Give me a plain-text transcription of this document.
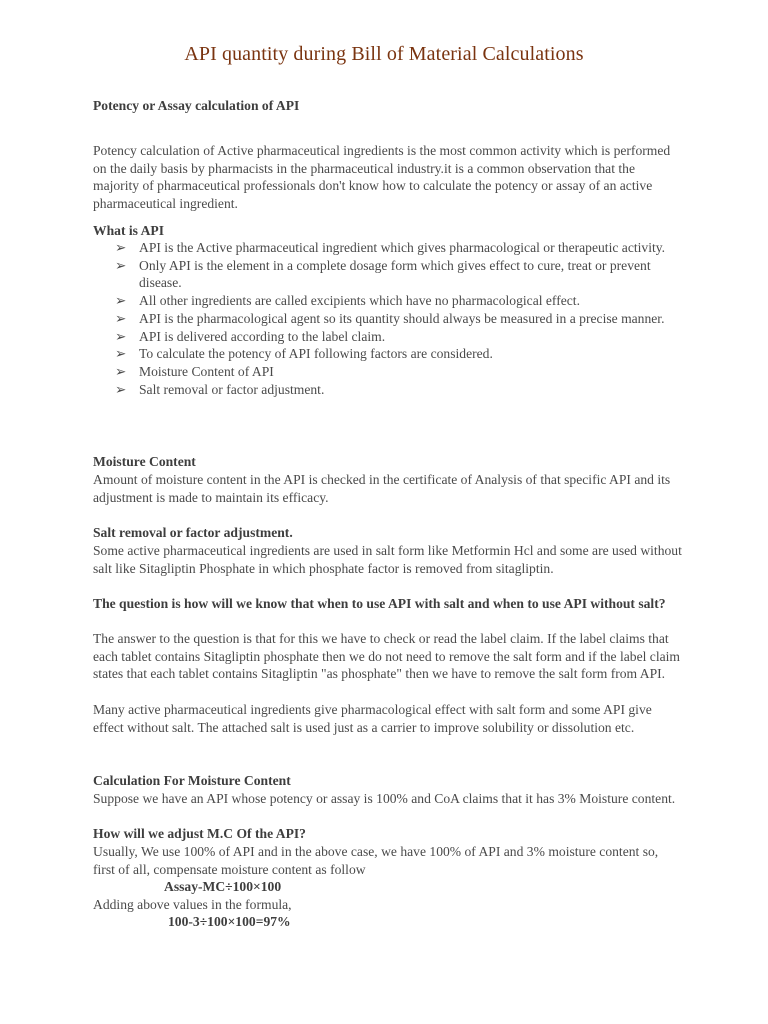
API quantity during Bill of Material Calculations
Potency or Assay calculation of API
Potency calculation of Active pharmaceutical ingredients is the most common activity which is performed on the daily basis by pharmacists in the pharmaceutical industry.it is a common observation that the majority of pharmaceutical professionals don't know how to calculate the potency or assay of an active pharmaceutical ingredient.
What is API
➢ API is the Active pharmaceutical ingredient which gives pharmacological or therapeutic activity.
➢ Only API is the element in a complete dosage form which gives effect to cure, treat or prevent disease.
➢ All other ingredients are called excipients which have no pharmacological effect.
➢ API is the pharmacological agent so its quantity should always be measured in a precise manner.
➢ API is delivered according to the label claim.
➢ To calculate the potency of API following factors are considered.
➢ Moisture Content of API
➢ Salt removal or factor adjustment.
Moisture Content
Amount of moisture content in the API is checked in the certificate of Analysis of that specific API and its adjustment is made to maintain its efficacy.
Salt removal or factor adjustment.
Some active pharmaceutical ingredients are used in salt form like Metformin Hcl and some are used without salt like Sitagliptin Phosphate in which phosphate factor is removed from sitagliptin.
The question is how will we know that when to use API with salt and when to use API without salt?
The answer to the question is that for this we have to check or read the label claim. If the label claims that each tablet contains Sitagliptin phosphate then we do not need to remove the salt form and if the label claim states that each tablet contains Sitagliptin "as phosphate" then we have to remove the salt form from API.
Many active pharmaceutical ingredients give pharmacological effect with salt form and some API give effect without salt. The attached salt is used just as a carrier to improve solubility or dissolution etc.
Calculation For Moisture Content
Suppose we have an API whose potency or assay is 100% and CoA claims that it has 3% Moisture content.
How will we adjust M.C Of the API?
Usually, We use 100% of API and in the above case, we have 100% of API and 3% moisture content so, first of all, compensate moisture content as follow
Assay-MC÷100×100
Adding above values in the formula,
100-3÷100×100=97%
